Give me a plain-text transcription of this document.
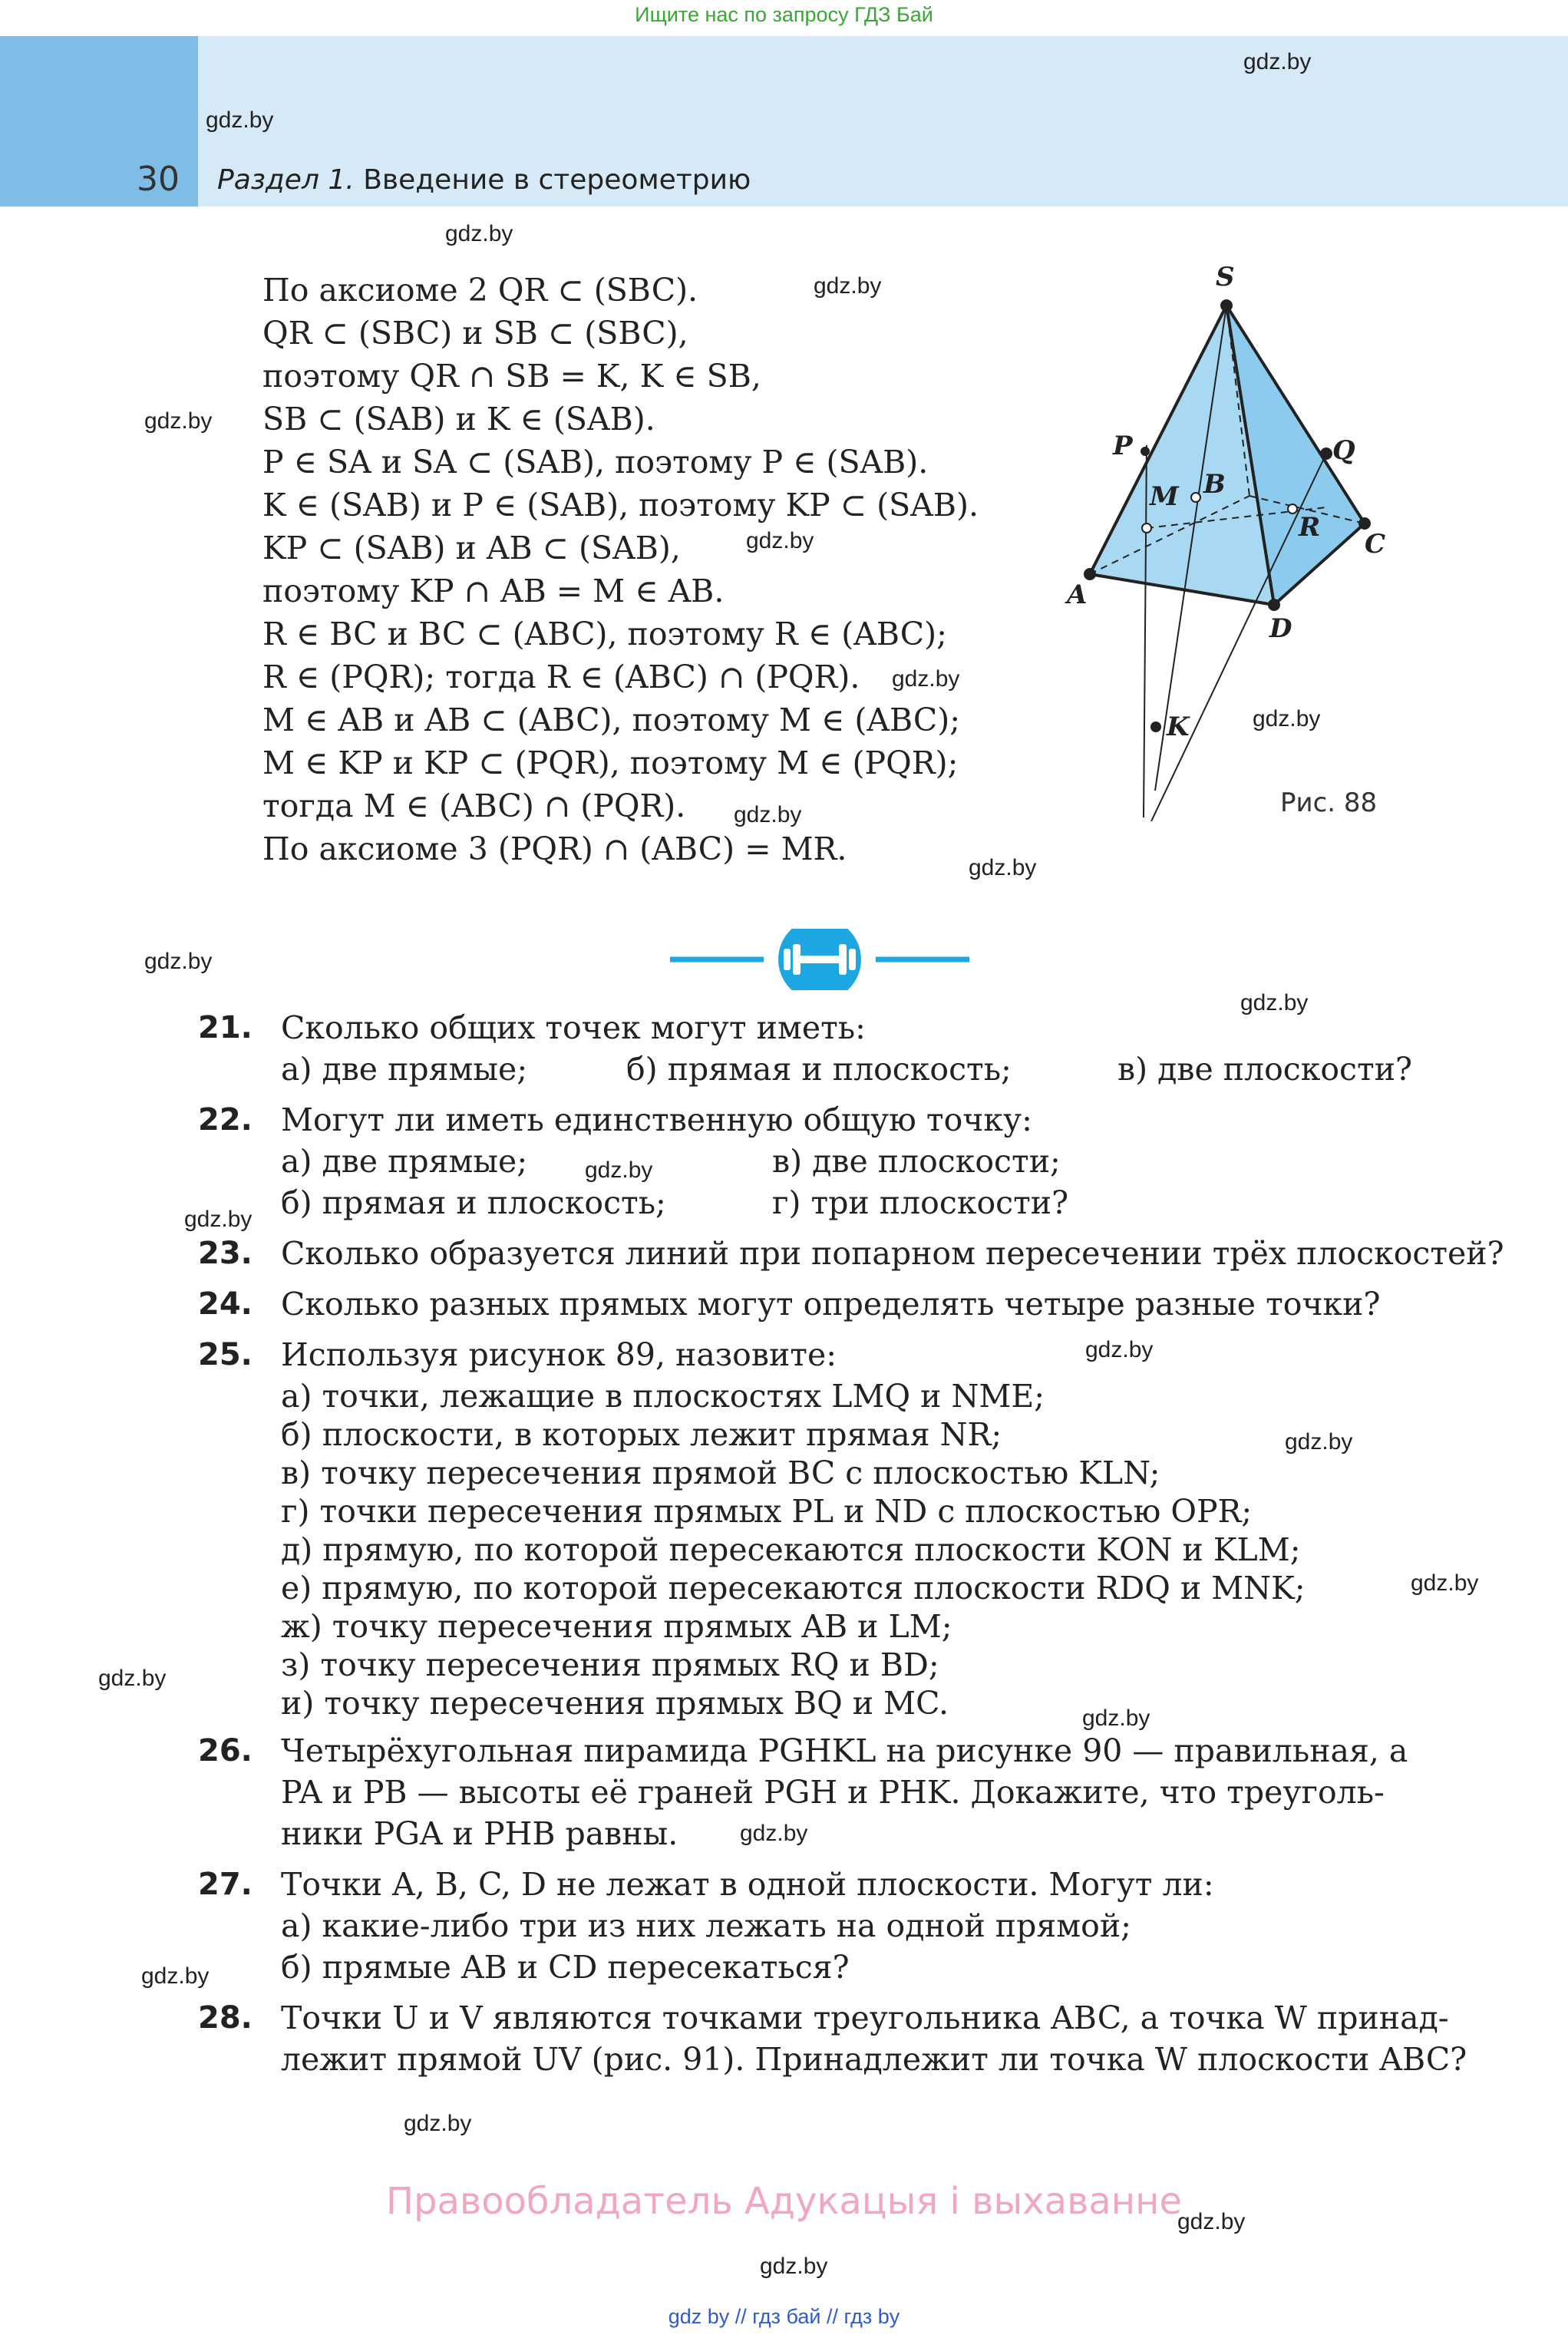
Ищите нас по запросу ГДЗ Бай
30 Раздел 1. Введение в стереометрию
gdz.by
gdz.by
gdz.by
gdz.by
gdz.by
gdz.by
gdz.by
gdz.by
gdz.by
gdz.by
gdz.by
gdz.by
gdz.by
gdz.by
gdz.by
gdz.by
gdz.by
gdz.by
gdz.by
gdz.by
gdz.by
gdz.by
gdz.by
gdz.by
По аксиоме 2 QR ⊂ (SBC).
QR ⊂ (SBC) и SB ⊂ (SBC),
поэтому QR ∩ SB = K, K ∈ SB,
SB ⊂ (SAB) и K ∈ (SAB).
P ∈ SA и SA ⊂ (SAB), поэтому P ∈ (SAB).
K ∈ (SAB) и P ∈ (SAB), поэтому KP ⊂ (SAB).
KP ⊂ (SAB) и AB ⊂ (SAB),
поэтому KP ∩ AB = M ∈ AB.
R ∈ BC и BC ⊂ (ABC), поэтому R ∈ (ABC);
R ∈ (PQR); тогда R ∈ (ABC) ∩ (PQR).
M ∈ AB и AB ⊂ (ABC), поэтому M ∈ (ABC);
M ∈ KP и KP ⊂ (PQR), поэтому M ∈ (PQR);
тогда M ∈ (ABC) ∩ (PQR).
По аксиоме 3 (PQR) ∩ (ABC) = MR.
S
P	Q
M B
R
C
A
D
K
Рис. 88
21. Сколько общих точек могут иметь:
а) две прямые;	б) прямая и плоскость;	в) две плоскости?
22. Могут ли иметь единственную общую точку:
а) две прямые;	в) две плоскости;
б) прямая и плоскость;	г) три плоскости?
23. Сколько образуется линий при попарном пересечении трёх плоскостей?
24. Сколько разных прямых могут определять четыре разные точки?
25. Используя рисунок 89, назовите:
а) точки, лежащие в плоскостях LMQ и NME;
б) плоскости, в которых лежит прямая NR;
в) точку пересечения прямой BC с плоскостью KLN;
г) точки пересечения прямых PL и ND с плоскостью OPR;
д) прямую, по которой пересекаются плоскости KON и KLM;
е) прямую, по которой пересекаются плоскости RDQ и MNK;
ж) точку пересечения прямых AB и LM;
з) точку пересечения прямых RQ и BD;
и) точку пересечения прямых BQ и MC.
26. Четырёхугольная пирамида PGHKL на рисунке 90 — правильная, а
PA и PB — высоты её граней PGH и PHK. Докажите, что треуголь-
ники PGA и PHB равны.
27. Точки A, B, C, D не лежат в одной плоскости. Могут ли:
а) какие-либо три из них лежать на одной прямой;
б) прямые AB и CD пересекаться?
28. Точки U и V являются точками треугольника ABC, а точка W принад-
лежит прямой UV (рис. 91). Принадлежит ли точка W плоскости ABC?
Правообладатель Адукацыя і выхаванне
gdz by // гдз бай // гдз by
